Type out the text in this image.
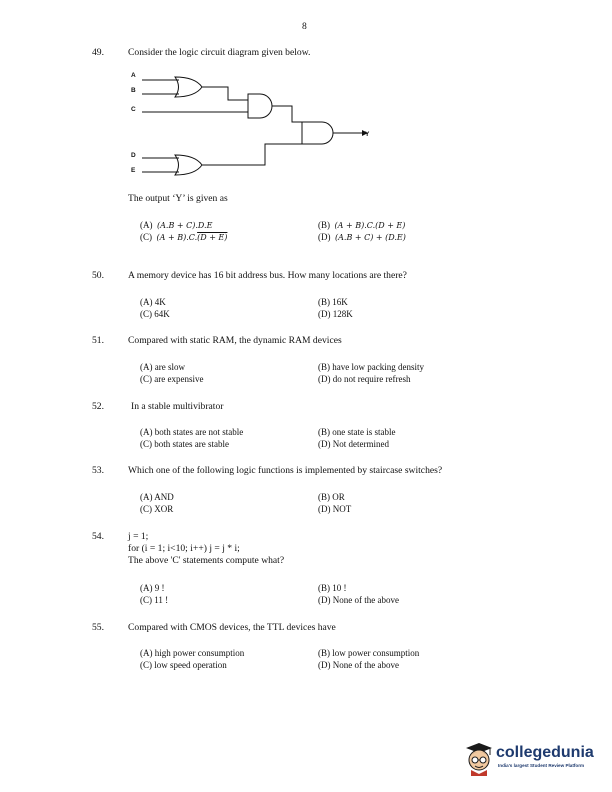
8
49.	Consider the logic circuit diagram given below.
A
B
C
D
E
Y
The output ‘Y’ is given as
(A) (A.B + C).D.E	(B) (A + B).C.(D + E)
(C) (A + B).C.(D + E)	(D) (A.B + C) + (D.E)
50.	A memory device has 16 bit address bus. How many locations are there?
(A) 4K	(B) 16K
(C) 64K	(D) 128K
51.	Compared with static RAM, the dynamic RAM devices
(A) are slow	(B) have low packing density
(C) are expensive	(D) do not require refresh
52.	In a stable multivibrator
(A) both states are not stable	(B) one state is stable
(C) both states are stable	(D) Not determined
53.	Which one of the following logic functions is implemented by staircase switches?
(A) AND	(B) OR
(C) XOR	(D) NOT
54.	j = 1;
for (i = 1; i<10; i++) j = j * i;
The above 'C' statements compute what?
(A) 9 !	(B) 10 !
(C) 11 !	(D) None of the above
55.	Compared with CMOS devices, the TTL devices have
(A) high power consumption	(B) low power consumption
(C) low speed operation	(D) None of the above
collegedunia
India's largest Student Review Platform
